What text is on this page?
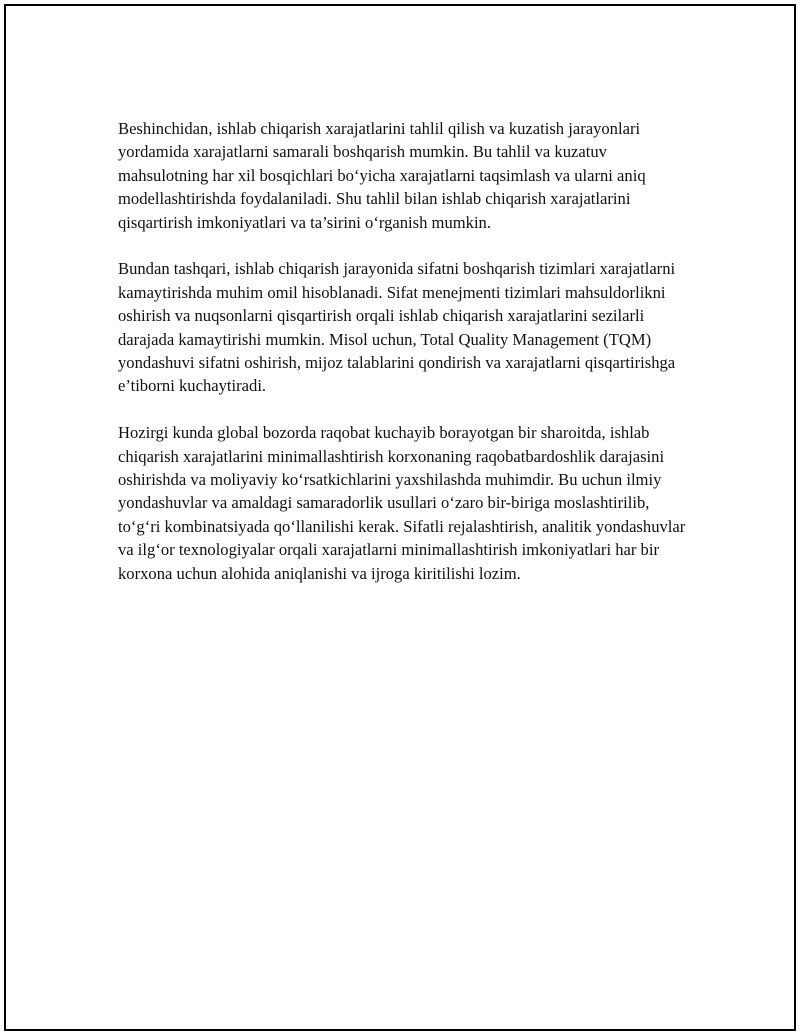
Beshinchidan, ishlab chiqarish xarajatlarini tahlil qilish va kuzatish jarayonlari yordamida xarajatlarni samarali boshqarish mumkin. Bu tahlil va kuzatuv mahsulotning har xil bosqichlari bo‘yicha xarajatlarni taqsimlash va ularni aniq modellashtirishda foydalaniladi. Shu tahlil bilan ishlab chiqarish xarajatlarini qisqartirish imkoniyatlari va ta’sirini o‘rganish mumkin.

Bundan tashqari, ishlab chiqarish jarayonida sifatni boshqarish tizimlari xarajatlarni kamaytirishda muhim omil hisoblanadi. Sifat menejmenti tizimlari mahsuldorlikni oshirish va nuqsonlarni qisqartirish orqali ishlab chiqarish xarajatlarini sezilarli darajada kamaytirishi mumkin. Misol uchun, Total Quality Management (TQM) yondashuvi sifatni oshirish, mijoz talablarini qondirish va xarajatlarni qisqartirishga e’tiborni kuchaytiradi.

Hozirgi kunda global bozorda raqobat kuchayib borayotgan bir sharoitda, ishlab chiqarish xarajatlarini minimallashtirish korxonaning raqobatbardoshlik darajasini oshirishda va moliyaviy ko‘rsatkichlarini yaxshilashda muhimdir. Bu uchun ilmiy yondashuvlar va amaldagi samaradorlik usullari o‘zaro bir-biriga moslashtirilib, to‘g‘ri kombinatsiyada qo‘llanilishi kerak. Sifatli rejalashtirish, analitik yondashuvlar va ilg‘or texnologiyalar orqali xarajatlarni minimallashtirish imkoniyatlari har bir korxona uchun alohida aniqlanishi va ijroga kiritilishi lozim.
